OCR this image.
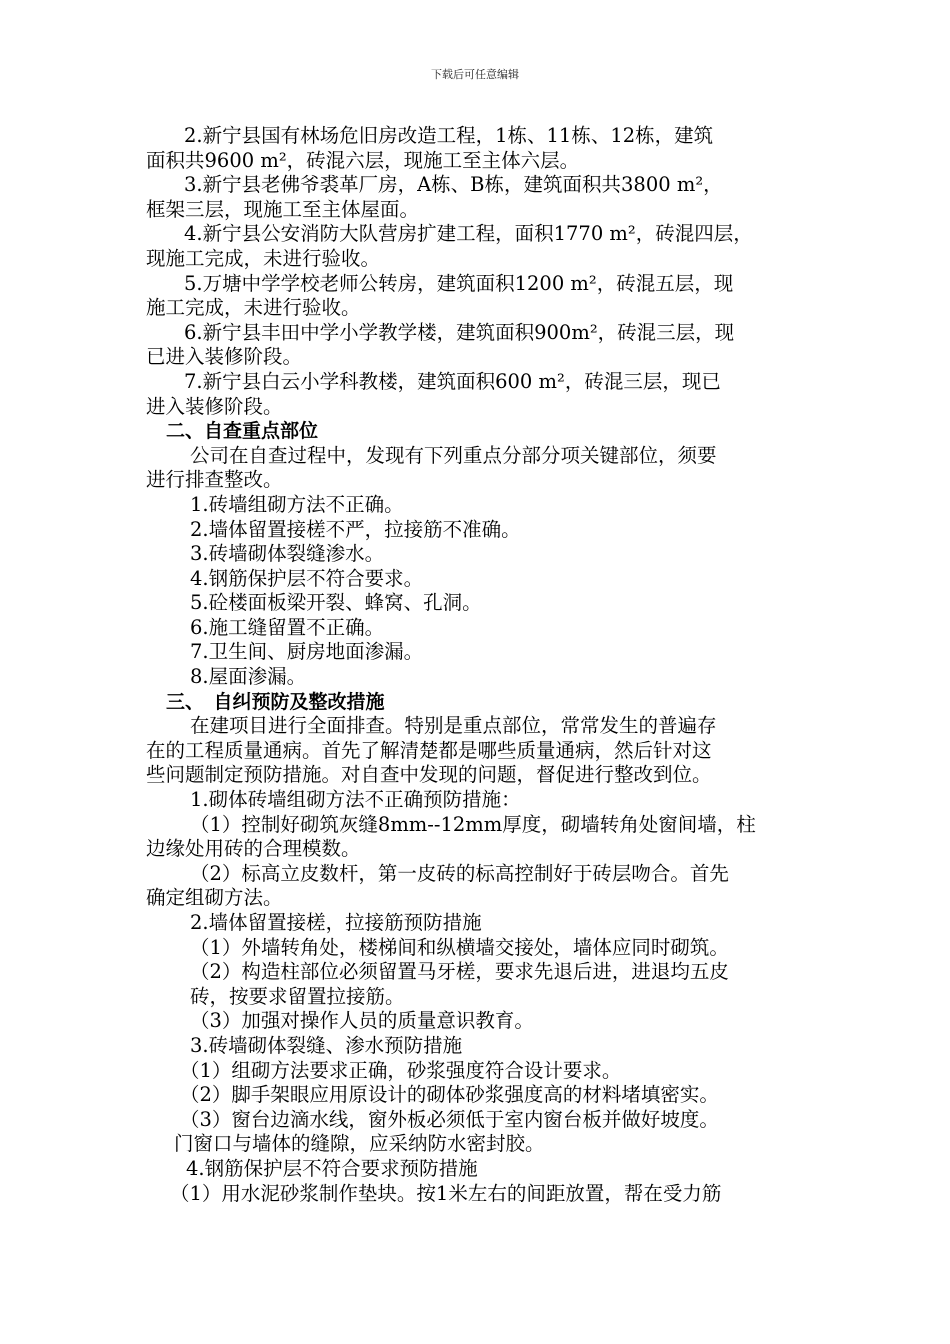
下载后可任意编辑
2.新宁县国有林场危旧房改造工程，1栋、11栋、12栋，建筑
面积共9600 m²，砖混六层，现施工至主体六层。
3.新宁县老佛爷裘革厂房，A栋、B栋，建筑面积共3800 m²，
框架三层，现施工至主体屋面。
4.新宁县公安消防大队营房扩建工程，面积1770 m²，砖混四层，
现施工完成，未进行验收。
5.万塘中学学校老师公转房，建筑面积1200 m²，砖混五层，现
施工完成，未进行验收。
6.新宁县丰田中学小学教学楼，建筑面积900m²，砖混三层，现
已进入装修阶段。
7.新宁县白云小学科教楼，建筑面积600 m²，砖混三层，现已
进入装修阶段。
二、自查重点部位
公司在自查过程中，发现有下列重点分部分项关键部位，须要
进行排查整改。
1.砖墙组砌方法不正确。
2.墙体留置接槎不严，拉接筋不准确。
3.砖墙砌体裂缝渗水。
4.钢筋保护层不符合要求。
5.砼楼面板梁开裂、蜂窝、孔洞。
6.施工缝留置不正确。
7.卫生间、厨房地面渗漏。
8.屋面渗漏。
三、　自纠预防及整改措施
在建项目进行全面排查。特别是重点部位，常常发生的普遍存
在的工程质量通病。首先了解清楚都是哪些质量通病，然后针对这
些问题制定预防措施。对自查中发现的问题，督促进行整改到位。
1.砌体砖墙组砌方法不正确预防措施：
（1）控制好砌筑灰缝8mm--12mm厚度，砌墙转角处窗间墙，柱
边缘处用砖的合理模数。
（2）标高立皮数杆，第一皮砖的标高控制好于砖层吻合。首先
确定组砌方法。
2.墙体留置接槎，拉接筋预防措施
（1）外墙转角处，楼梯间和纵横墙交接处，墙体应同时砌筑。
（2）构造柱部位必须留置马牙槎，要求先退后进，进退均五皮
砖，按要求留置拉接筋。
（3）加强对操作人员的质量意识教育。
3.砖墙砌体裂缝、渗水预防措施
（1）组砌方法要求正确，砂浆强度符合设计要求。
（2）脚手架眼应用原设计的砌体砂浆强度高的材料堵填密实。
（3）窗台边滴水线，窗外板必须低于室内窗台板并做好坡度。
门窗口与墙体的缝隙，应采纳防水密封胶。
4.钢筋保护层不符合要求预防措施
（1）用水泥砂浆制作垫块。按1米左右的间距放置，帮在受力筋
